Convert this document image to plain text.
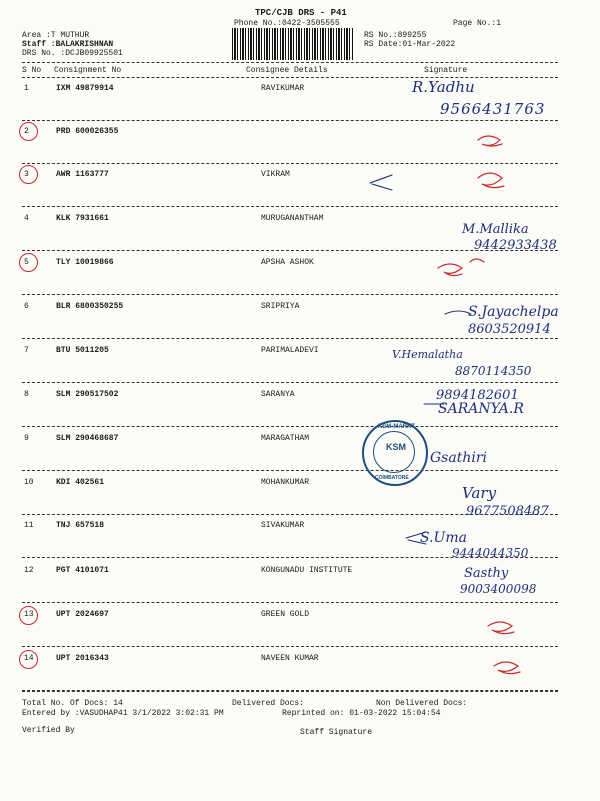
TPC/CJB DRS - P41
Phone No.:0422-3505555	Page No.:1
Area :T MUTHUR
Staff :BALAKRISHNAN
DRS No. :DCJB09925501
RS No.:899255
RS Date:01-Mar-2022
S No Consignment No	Consignee Details	Signature
1	IXM 49879914	RAVIKUMAR
2	PRD 600026355
3	AWR 1163777	VIKRAM
4	KLK 7931661	MURUGANANTHAM
5	TLY 10019866	APSHA ASHOK
6	BLR 6800350255	SRIPRIYA
7	BTU 5011205	PARIMALADEVI
8	SLM 290517502	SARANYA
9	SLM 290468687	MARAGATHAM
10	KDI 402561	MOHANKUMAR
11	TNJ 657518	SIVAKUMAR
12	PGT 4101071	KONGUNADU INSTITUTE
13	UPT 2024697	GREEN GOLD
14	UPT 2016343	NAVEEN KUMAR
R.Yadhu
9566431763
M.Mallika
9442933438
S.Jayachelpa
8603520914
V.Hemalatha
8870114350
9894182601
SARANYA.R
Gsathiri
Vary
9677508487
S.Uma
9444044350
Sasthy
9003400098
KSM-MARKT
KSM
COIMBATORE
Total No. Of Docs: 14	Delivered Docs:	Non Delivered Docs:
Entered by :VASUDHAP41 3/1/2022 3:02:31 PM	Reprinted on: 01-03-2022 15:04:54
Verified By	Staff Signature
